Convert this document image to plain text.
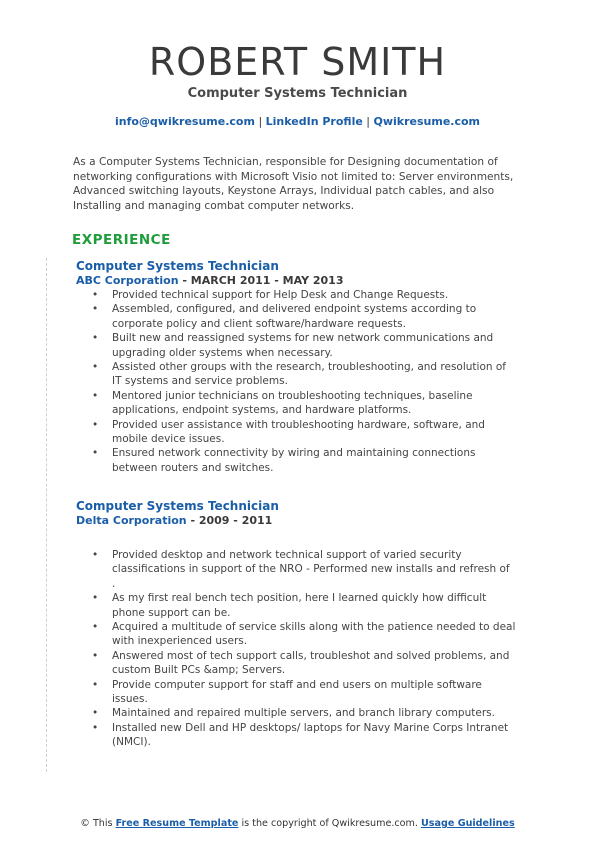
ROBERT SMITH
Computer Systems Technician
info@qwikresume.com | LinkedIn Profile | Qwikresume.com
As a Computer Systems Technician, responsible for Designing documentation of networking configurations with Microsoft Visio not limited to: Server environments, Advanced switching layouts, Keystone Arrays, Individual patch cables, and also Installing and managing combat computer networks.
EXPERIENCE
Computer Systems Technician
ABC Corporation - MARCH 2011 - MAY 2013
• Provided technical support for Help Desk and Change Requests.
• Assembled, configured, and delivered endpoint systems according to corporate policy and client software/hardware requests.
• Built new and reassigned systems for new network communications and upgrading older systems when necessary.
• Assisted other groups with the research, troubleshooting, and resolution of IT systems and service problems.
• Mentored junior technicians on troubleshooting techniques, baseline applications, endpoint systems, and hardware platforms.
• Provided user assistance with troubleshooting hardware, software, and mobile device issues.
• Ensured network connectivity by wiring and maintaining connections between routers and switches.
Computer Systems Technician
Delta Corporation - 2009 - 2011
• Provided desktop and network technical support of varied security classifications in support of the NRO - Performed new installs and refresh of .
• As my first real bench tech position, here I learned quickly how difficult phone support can be.
• Acquired a multitude of service skills along with the patience needed to deal with inexperienced users.
• Answered most of tech support calls, troubleshot and solved problems, and custom Built PCs &amp; Servers.
• Provide computer support for staff and end users on multiple software issues.
• Maintained and repaired multiple servers, and branch library computers.
• Installed new Dell and HP desktops/ laptops for Navy Marine Corps Intranet (NMCI).
© This Free Resume Template is the copyright of Qwikresume.com. Usage Guidelines
